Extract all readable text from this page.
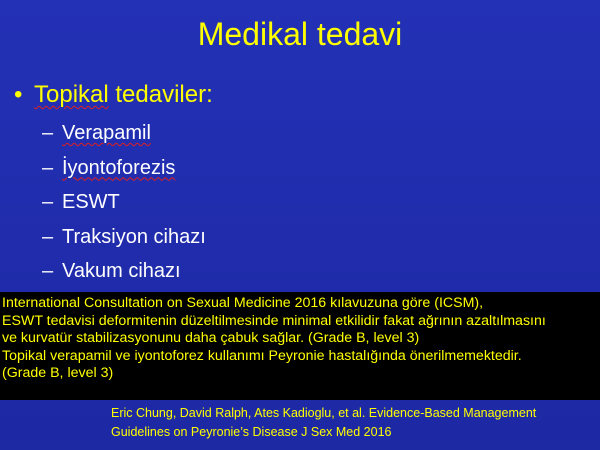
Medikal tedavi
• Topikal tedaviler:
– Verapamil
– İyontoforezis
– ESWT
– Traksiyon cihazı
– Vakum cihazı

International Consultation on Sexual Medicine 2016 kılavuzuna göre (ICSM),

ESWT tedavisi deformitenin düzeltilmesinde minimal etkilidir fakat ağrının azaltılmasını

ve kurvatür stabilizasyonunu daha çabuk sağlar. (Grade B, level 3)

Topikal verapamil ve iyontoforez kullanımı Peyronie hastalığında önerilmemektedir.

(Grade B, level 3)

Eric Chung, David Ralph, Ates Kadioglu, et al. Evidence-Based Management
Guidelines on Peyronie’s Disease J Sex Med 2016
